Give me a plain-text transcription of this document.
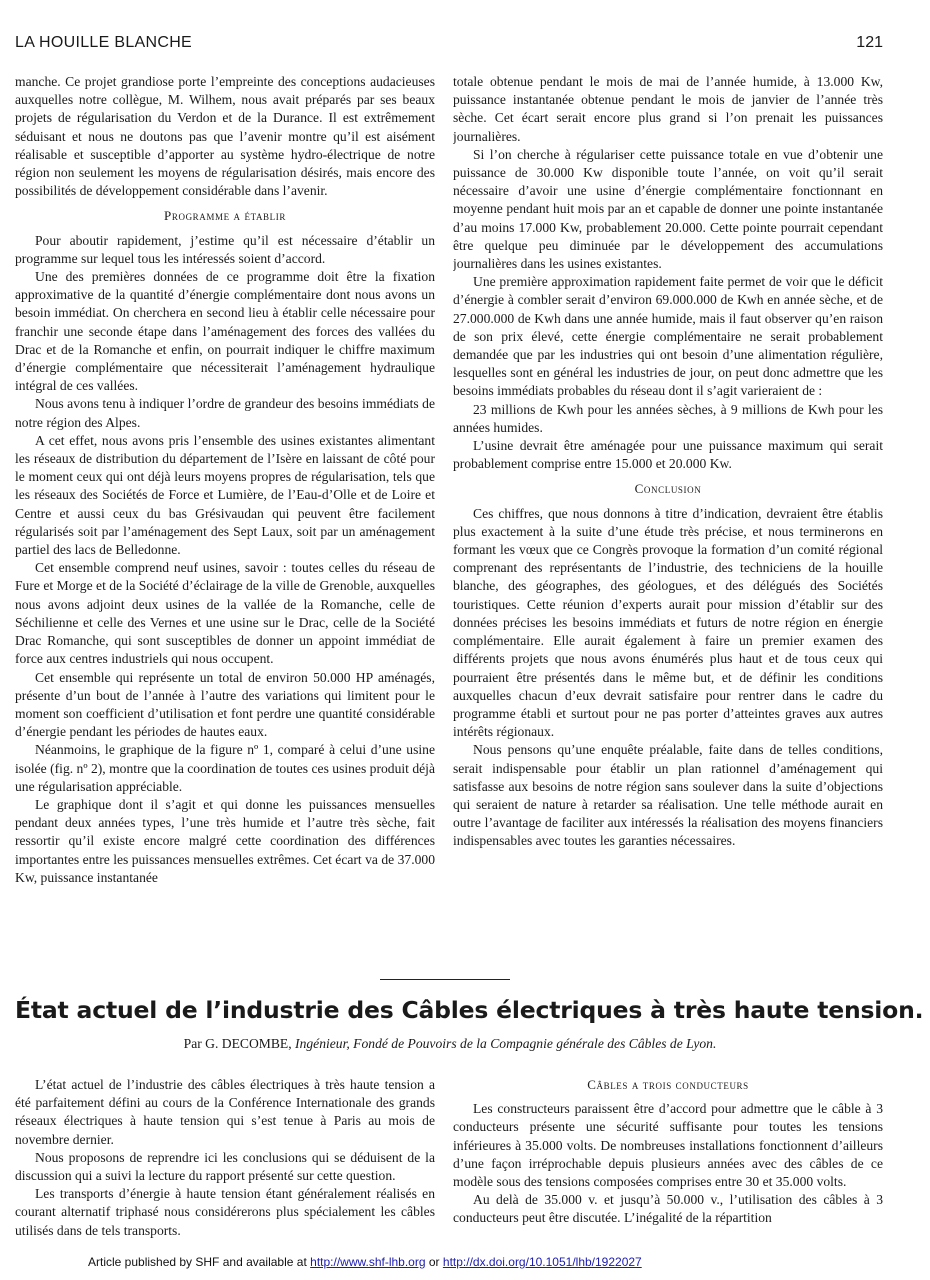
LA HOUILLE BLANCHE	121

manche. Ce projet grandiose porte l’empreinte des conceptions audacieuses auxquelles notre collègue, M. Wilhem, nous avait préparés par ses beaux projets de régularisation du Verdon et de la Durance. Il est extrêmement séduisant et nous ne doutons pas que l’avenir montre qu’il est aisément réalisable et susceptible d’apporter au système hydro-électrique de notre région non seulement les moyens de régularisation désirés, mais encore des possibilités de développement considérable dans l’avenir.

Programme a établir

Pour aboutir rapidement, j’estime qu’il est nécessaire d’établir un programme sur lequel tous les intéressés soient d’accord.

Une des premières données de ce programme doit être la fixation approximative de la quantité d’énergie complémentaire dont nous avons un besoin immédiat. On cherchera en second lieu à établir celle nécessaire pour franchir une seconde étape dans l’aménagement des forces des vallées du Drac et de la Romanche et enfin, on pourrait indiquer le chiffre maximum d’énergie complémentaire que nécessiterait l’aménagement hydraulique intégral de ces vallées.

Nous avons tenu à indiquer l’ordre de grandeur des besoins immédiats de notre région des Alpes.

A cet effet, nous avons pris l’ensemble des usines existantes alimentant les réseaux de distribution du département de l’Isère en laissant de côté pour le moment ceux qui ont déjà leurs moyens propres de régularisation, tels que les réseaux des Sociétés de Force et Lumière, de l’Eau-d’Olle et de Loire et Centre et aussi ceux du bas Grésivaudan qui peuvent être facilement régularisés soit par l’aménagement des Sept Laux, soit par un aménagement partiel des lacs de Belledonne.

Cet ensemble comprend neuf usines, savoir : toutes celles du réseau de Fure et Morge et de la Société d’éclairage de la ville de Grenoble, auxquelles nous avons adjoint deux usines de la vallée de la Romanche, celle de Séchilienne et celle des Vernes et une usine sur le Drac, celle de la Société Drac Romanche, qui sont susceptibles de donner un appoint immédiat de force aux centres industriels qui nous occupent.

Cet ensemble qui représente un total de environ 50.000 HP aménagés, présente d’un bout de l’année à l’autre des variations qui limitent pour le moment son coefficient d’utilisation et font perdre une quantité considérable d’énergie pendant les périodes de hautes eaux.

Néanmoins, le graphique de la figure nº 1, comparé à celui d’une usine isolée (fig. nº 2), montre que la coordination de toutes ces usines produit déjà une régularisation appréciable.

Le graphique dont il s’agit et qui donne les puissances mensuelles pendant deux années types, l’une très humide et l’autre très sèche, fait ressortir qu’il existe encore malgré cette coordination des différences importantes entre les puissances mensuelles extrêmes. Cet écart va de 37.000 Kw, puissance instantanée

totale obtenue pendant le mois de mai de l’année humide, à 13.000 Kw, puissance instantanée obtenue pendant le mois de janvier de l’année très sèche. Cet écart serait encore plus grand si l’on prenait les puissances journalières.

Si l’on cherche à régulariser cette puissance totale en vue d’obtenir une puissance de 30.000 Kw disponible toute l’année, on voit qu’il serait nécessaire d’avoir une usine d’énergie complémentaire fonctionnant en moyenne pendant huit mois par an et capable de donner une pointe instantanée d’au moins 17.000 Kw, probablement 20.000. Cette pointe pourrait cependant être quelque peu diminuée par le développement des accumulations journalières dans les usines existantes.

Une première approximation rapidement faite permet de voir que le déficit d’énergie à combler serait d’environ 69.000.000 de Kwh en année sèche, et de 27.000.000 de Kwh dans une année humide, mais il faut observer qu’en raison de son prix élevé, cette énergie complémentaire ne serait probablement demandée que par les industries qui ont besoin d’une alimentation régulière, lesquelles sont en général les industries de jour, on peut donc admettre que les besoins immédiats probables du réseau dont il s’agit varieraient de :

23 millions de Kwh pour les années sèches, à 9 millions de Kwh pour les années humides.

L’usine devrait être aménagée pour une puissance maximum qui serait probablement comprise entre 15.000 et 20.000 Kw.

Conclusion

Ces chiffres, que nous donnons à titre d’indication, devraient être établis plus exactement à la suite d’une étude très précise, et nous terminerons en formant les vœux que ce Congrès provoque la formation d’un comité régional comprenant des représentants de l’industrie, des techniciens de la houille blanche, des géographes, des géologues, et des délégués des Sociétés touristiques. Cette réunion d’experts aurait pour mission d’établir sur des données précises les besoins immédiats et futurs de notre région en énergie complémentaire. Elle aurait également à faire un premier examen des différents projets que nous avons énumérés plus haut et de tous ceux qui pourraient être présentés dans le même but, et de définir les conditions auxquelles chacun d’eux devrait satisfaire pour rentrer dans le cadre du programme établi et surtout pour ne pas porter d’atteintes graves aux autres intérêts régionaux.

Nous pensons qu’une enquête préalable, faite dans de telles conditions, serait indispensable pour établir un plan rationnel d’aménagement qui satisfasse aux besoins de notre région sans soulever dans la suite d’objections qui seraient de nature à retarder sa réalisation. Une telle méthode aurait en outre l’avantage de faciliter aux intéressés la réalisation des moyens financiers indispensables avec toutes les garanties nécessaires.

État actuel de l’industrie des Câbles électriques à très haute tension.
Par G. DECOMBE, Ingénieur, Fondé de Pouvoirs de la Compagnie générale des Câbles de Lyon.

L’état actuel de l’industrie des câbles électriques à très haute tension a été parfaitement défini au cours de la Conférence Internationale des grands réseaux électriques à haute tension qui s’est tenue à Paris au mois de novembre dernier.

Nous proposons de reprendre ici les conclusions qui se déduisent de la discussion qui a suivi la lecture du rapport présenté sur cette question.

Les transports d’énergie à haute tension étant généralement réalisés en courant alternatif triphasé nous considérerons plus spécialement les câbles utilisés dans de tels transports.

Câbles a trois conducteurs

Les constructeurs paraissent être d’accord pour admettre que le câble à 3 conducteurs présente une sécurité suffisante pour toutes les tensions inférieures à 35.000 volts. De nombreuses installations fonctionnent d’ailleurs d’une façon irréprochable depuis plusieurs années avec des câbles de ce modèle sous des tensions composées comprises entre 30 et 35.000 volts.

Au delà de 35.000 v. et jusqu’à 50.000 v., l’utilisation des câbles à 3 conducteurs peut être discutée. L’inégalité de la répartition

Article published by SHF and available at http://www.shf-lhb.org or http://dx.doi.org/10.1051/lhb/1922027
